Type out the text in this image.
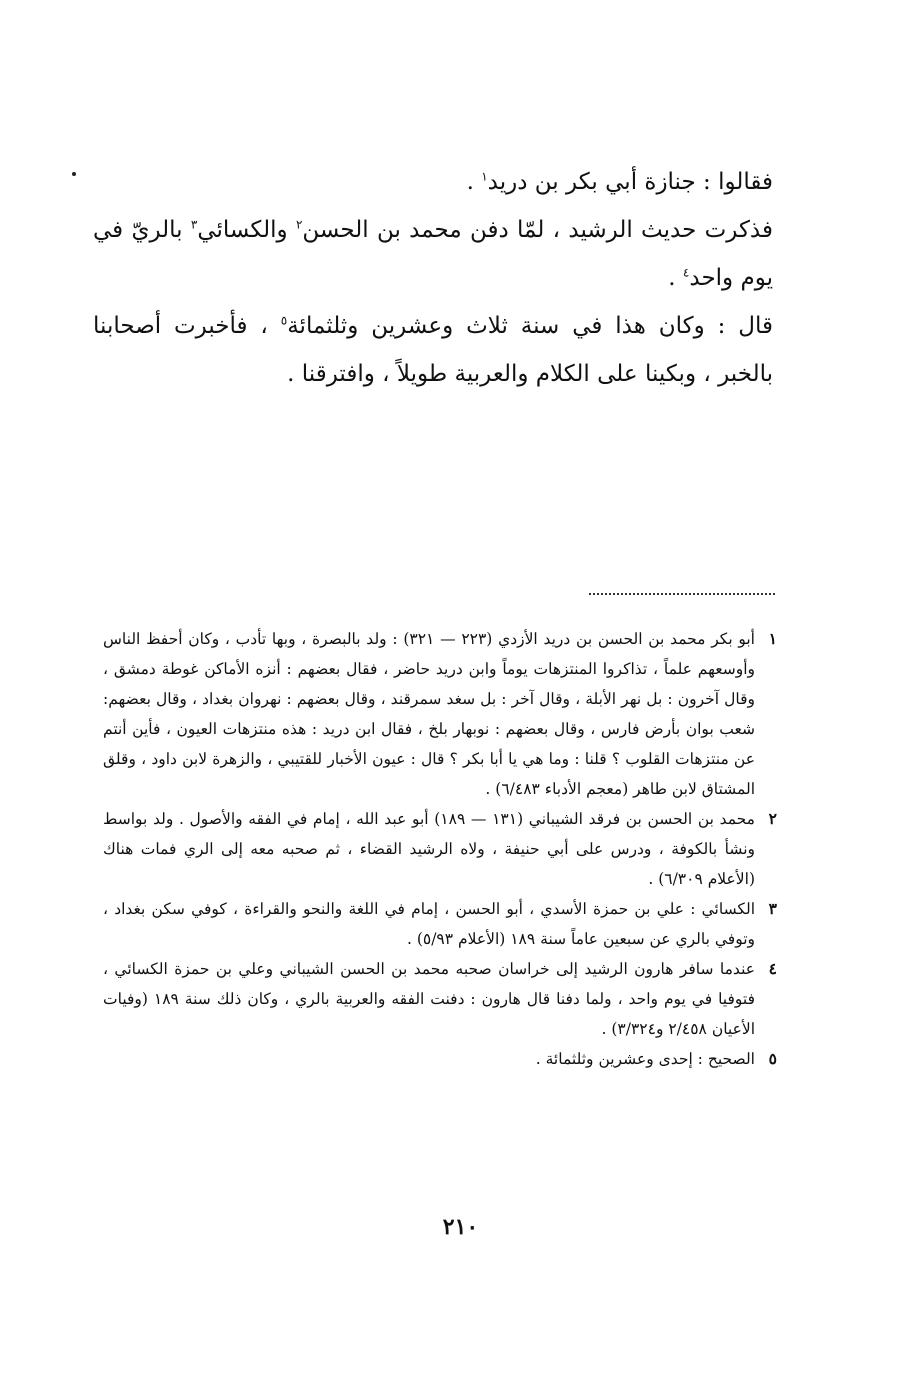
فقالوا : جنازة أبي بكر بن دريد$^١$ .

فذكرت حديث الرشيد ، لمّا دفن محمد بن الحسن$^٢$ والكسائي$^٣$ بالريّ في يوم واحد$^٤$ .

قال : وكان هذا في سنة ثلاث وعشرين وثلثمائة$^٥$ ، فأخبرت أصحابنا بالخبر ، وبكينا على الكلام والعربية طويلاً ، وافترقنا .

١
أبو بكر محمد بن الحسن بن دريد الأزدي (٢٢٣ — ٣٢١) : ولد بالبصرة ، وبها تأدب ، وكان أحفظ الناس وأوسعهم علماً ، تذاكروا المنتزهات يوماً وابن دريد حاضر ، فقال بعضهم : أنزه الأماكن غوطة دمشق ، وقال آخرون : بل نهر الأبلة ، وقال آخر : بل سغد سمرقند ، وقال بعضهم : نهروان بغداد ، وقال بعضهم: شعب بوان بأرض فارس ، وقال بعضهم : نوبهار بلخ ، فقال ابن دريد : هذه منتزهات العيون ، فأين أنتم عن منتزهات القلوب ؟ قلنا : وما هي يا أبا بكر ؟ قال : عيون الأخبار للقتيبي ، والزهرة لابن داود ، وقلق المشتاق لابن طاهر (معجم الأدباء ٦/٤٨٣) .
٢
محمد بن الحسن بن فرقد الشيباني (١٣١ — ١٨٩) أبو عبد الله ، إمام في الفقه والأصول . ولد بواسط ونشأ بالكوفة ، ودرس على أبي حنيفة ، ولاه الرشيد القضاء ، ثم صحبه معه إلى الري فمات هناك (الأعلام ٦/٣٠٩) .
٣
الكسائي : علي بن حمزة الأسدي ، أبو الحسن ، إمام في اللغة والنحو والقراءة ، كوفي سكن بغداد ، وتوفي بالري عن سبعين عاماً سنة ١٨٩ (الأعلام ٥/٩٣) .
٤
عندما سافر هارون الرشيد إلى خراسان صحبه محمد بن الحسن الشيباني وعلي بن حمزة الكسائي ، فتوفيا في يوم واحد ، ولما دفنا قال هارون : دفنت الفقه والعربية بالري ، وكان ذلك سنة ١٨٩ (وفيات الأعيان ٢/٤٥٨ و٣/٣٢٤) .
٥
الصحيح : إحدى وعشرين وثلثمائة .
٢١٠
